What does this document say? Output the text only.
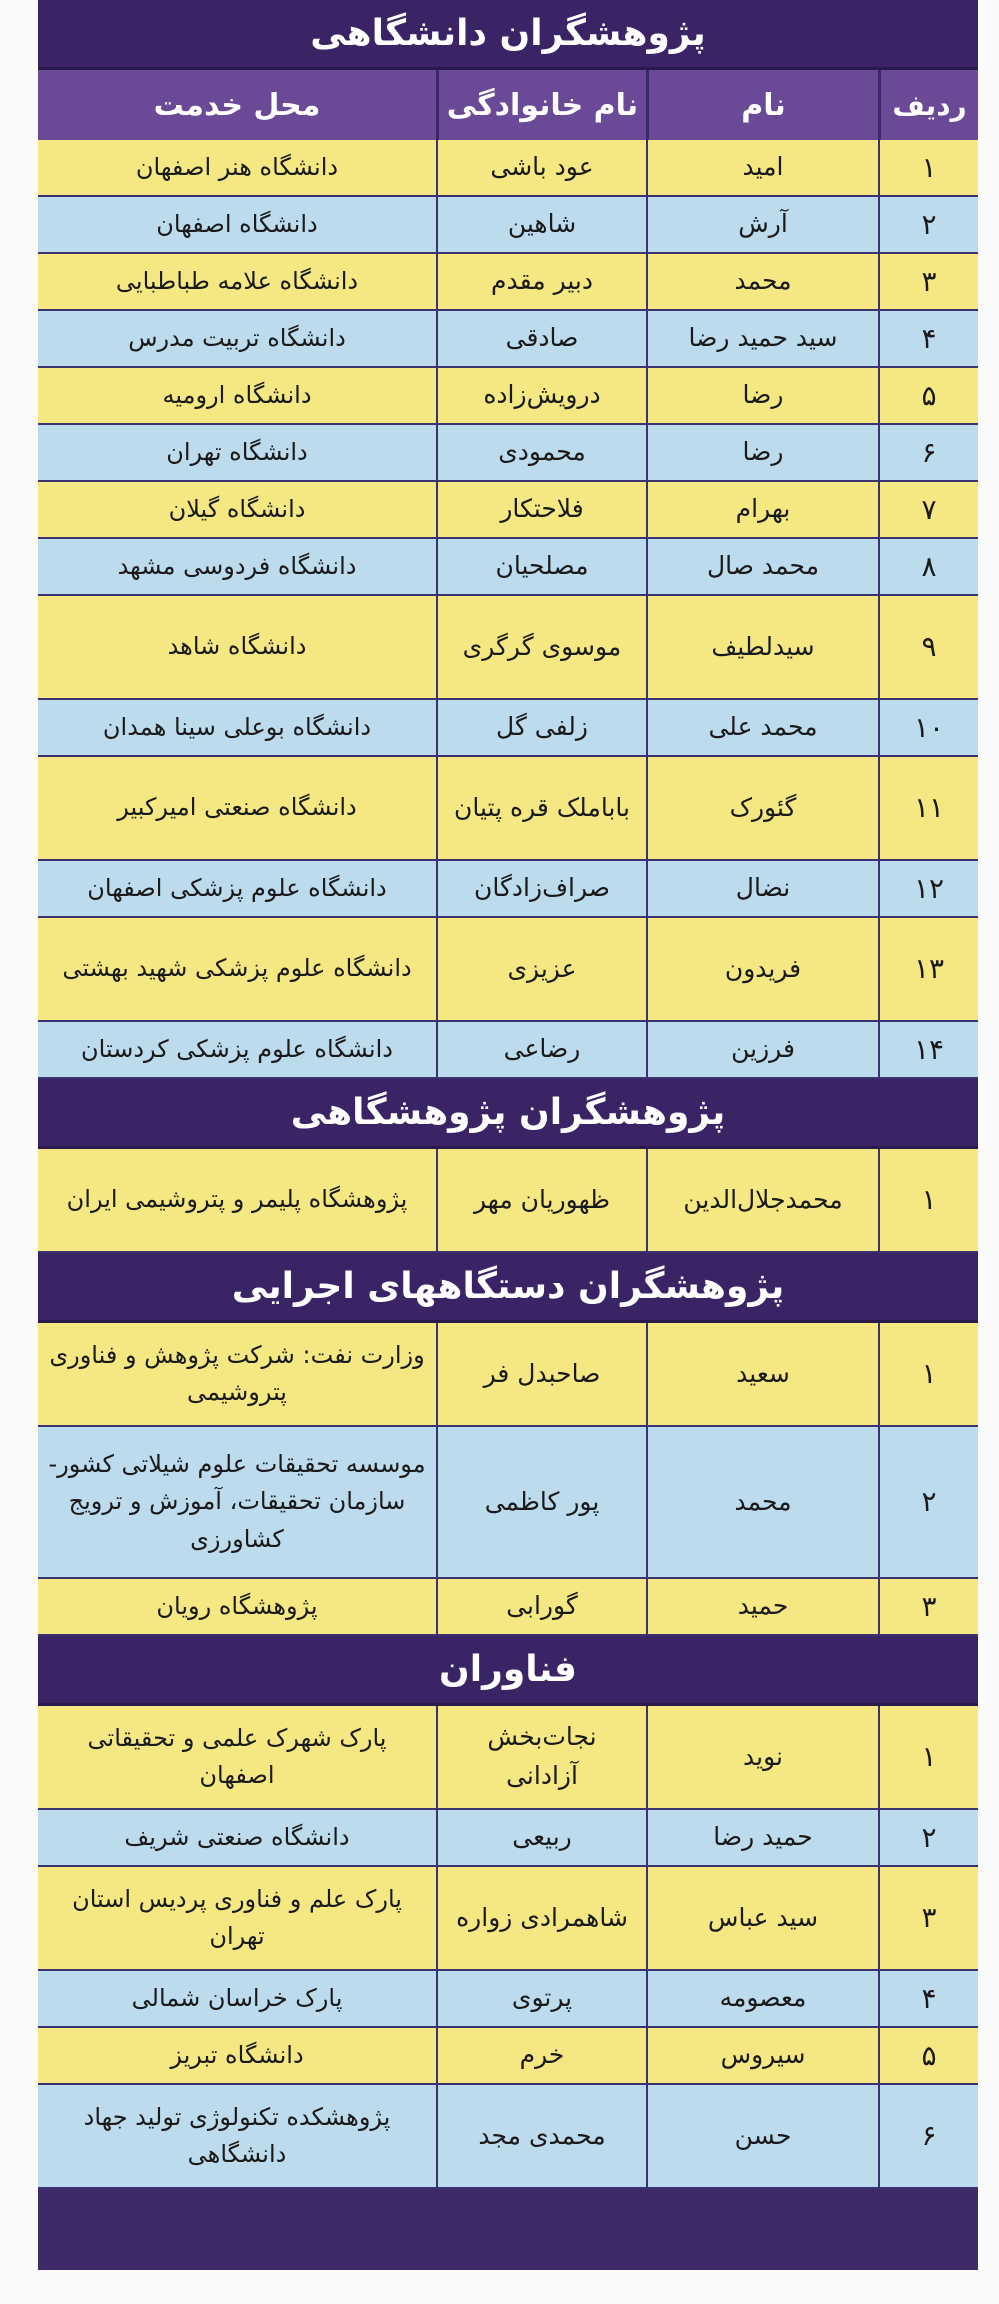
پژوهشگران دانشگاهی
ردیف
نام
نام خانوادگی
محل خدمت
۱
امید
عود باشی
دانشگاه هنر اصفهان
۲
آرش
شاهین
دانشگاه اصفهان
۳
محمد
دبیر مقدم
دانشگاه علامه طباطبایی
۴
سید حمید رضا
صادقی
دانشگاه تربیت مدرس
۵
رضا
درویش‌زاده
دانشگاه ارومیه
۶
رضا
محمودی
دانشگاه تهران
۷
بهرام
فلاحتکار
دانشگاه گیلان
۸
محمد صال
مصلحیان
دانشگاه فردوسی مشهد
۹
سیدلطیف
موسوی گرگری
دانشگاه شاهد
۱۰
محمد علی
زلفی گل
دانشگاه بوعلی سینا همدان
۱۱
گئورک
بابا‌ملک قره پتیان
دانشگاه صنعتی امیرکبیر
۱۲
نضال
صراف‌زادگان
دانشگاه علوم پزشکی اصفهان
۱۳
فریدون
عزیزی
دانشگاه علوم پزشکی شهید بهشتی
۱۴
فرزین
رضاعی
دانشگاه علوم پزشکی کردستان
پژوهشگران پژوهشگاهی
۱
محمدجلال‌الدین
ظهوریان مهر
پژوهشگاه پلیمر و پتروشیمی ایران
پژوهشگران دستگاههای اجرایی
۱
سعید
صاحبدل فر
وزارت نفت: شرکت پژوهش و فناوری پتروشیمی
۲
محمد
پور کاظمی
موسسه تحقیقات علوم شیلاتی کشور- سازمان تحقیقات، آموزش و ترویج کشاورزی
۳
حمید
گورابی
پژوهشگاه رویان
فناوران
۱
نوید
نجات‌بخش آزادانی
پارک شهرک علمی و تحقیقاتی اصفهان
۲
حمید رضا
ربیعی
دانشگاه صنعتی شریف
۳
سید عباس
شاهمرادی زواره
پارک علم و فناوری پردیس استان تهران
۴
معصومه
پرتوی
پارک خراسان شمالی
۵
سیروس
خرم
دانشگاه تبریز
۶
حسن
محمدی مجد
پژوهشکده تکنولوژی تولید جهاد دانشگاهی
